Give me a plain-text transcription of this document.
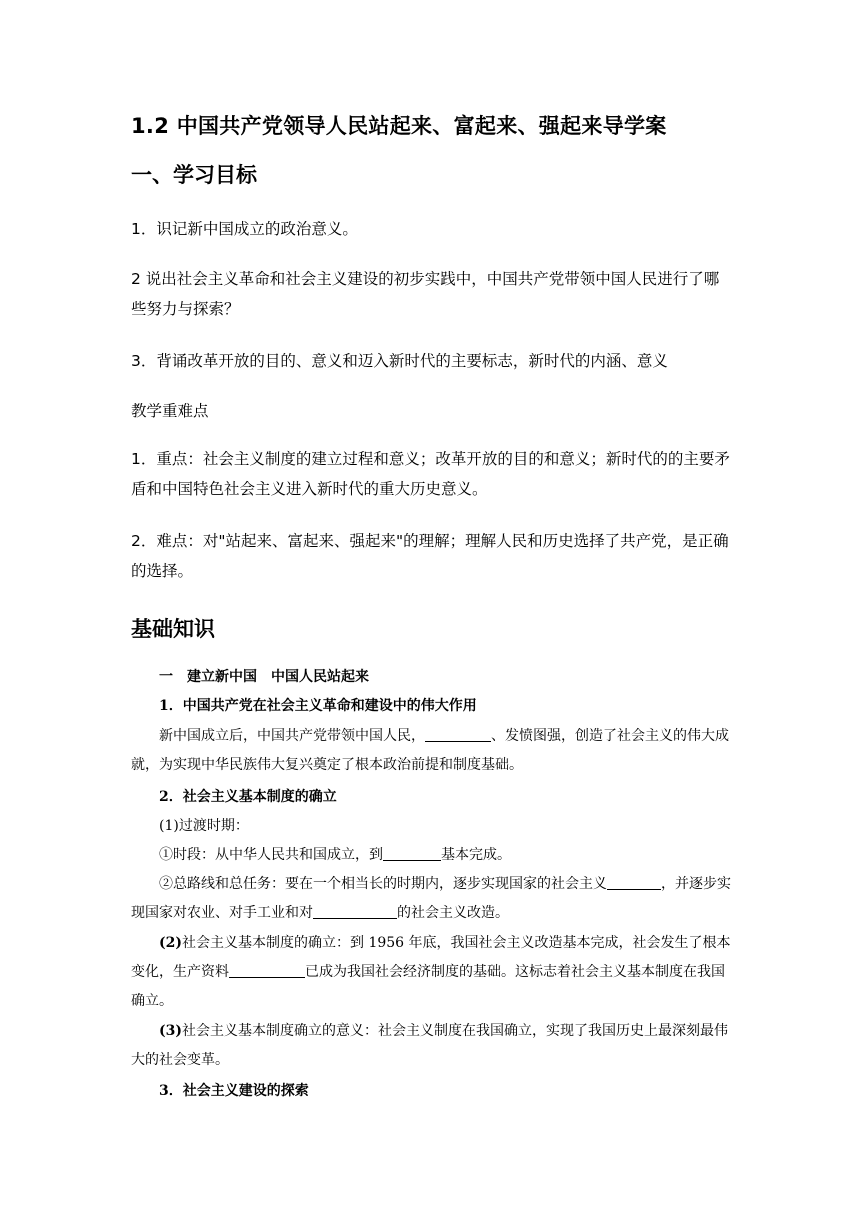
1.2 中国共产党领导人民站起来、富起来、强起来导学案
一、学习目标
1．识记新中国成立的政治意义。
2 说出社会主义革命和社会主义建设的初步实践中，中国共产党带领中国人民进行了哪些努力与探索？
3．背诵改革开放的目的、意义和迈入新时代的主要标志，新时代的内涵、意义
教学重难点
1．重点：社会主义制度的建立过程和意义；改革开放的目的和意义；新时代的的主要矛盾和中国特色社会主义进入新时代的重大历史意义。
2．难点：对"站起来、富起来、强起来"的理解；理解人民和历史选择了共产党，是正确的选择。
基础知识
一　建立新中国　中国人民站起来
1．中国共产党在社会主义革命和建设中的伟大作用
新中国成立后，中国共产党带领中国人民，	、发愤图强，创造了社会主义的伟大成就，为实现中华民族伟大复兴奠定了根本政治前提和制度基础。
2．社会主义基本制度的确立
(1)过渡时期：
①时段：从中华人民共和国成立，到	基本完成。
②总路线和总任务：要在一个相当长的时期内，逐步实现国家的社会主义	，并逐步实现国家对农业、对手工业和对	的社会主义改造。
(2)社会主义基本制度的确立：到 1956 年底，我国社会主义改造基本完成，社会发生了根本变化，生产资料	已成为我国社会经济制度的基础。这标志着社会主义基本制度在我国确立。
(3)社会主义基本制度确立的意义：社会主义制度在我国确立，实现了我国历史上最深刻最伟大的社会变革。
3．社会主义建设的探索
